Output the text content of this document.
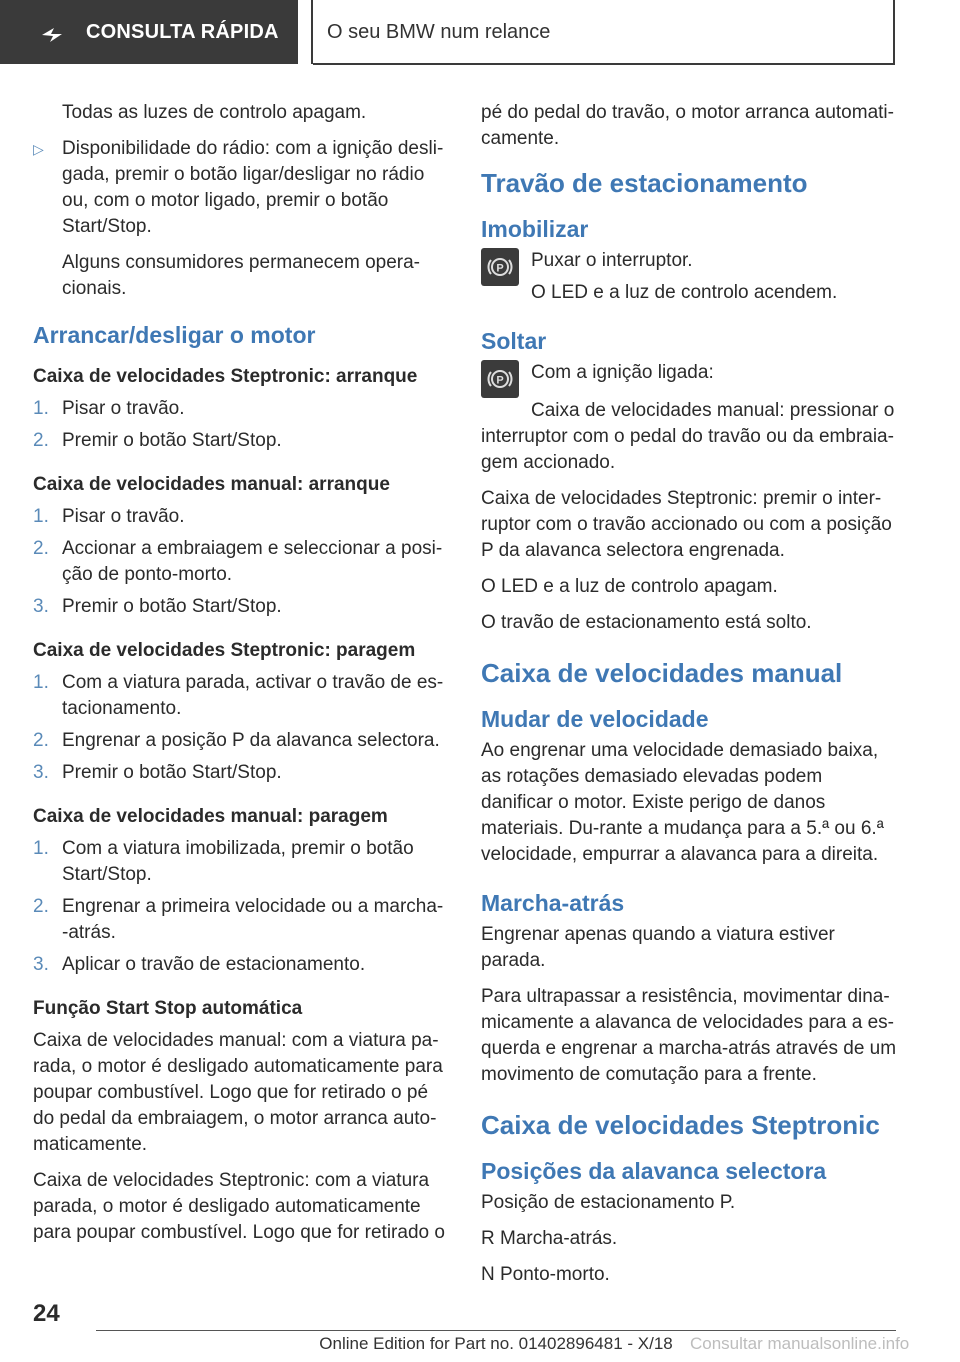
CONSULTA RÁPIDA	O seu BMW num relance

Todas as luzes de controlo apagam.

▷ Disponibilidade do rádio: com a ignição desli-gada, premir o botão ligar/desligar no rádio ou, com o motor ligado, premir o botão Start/Stop.

Alguns consumidores permanecem opera-cionais.

Arrancar/desligar o motor
Caixa de velocidades Steptronic: arranque
1. Pisar o travão.
2. Premir o botão Start/Stop.
Caixa de velocidades manual: arranque
1. Pisar o travão.
2. Accionar a embraiagem e seleccionar a posi-ção de ponto-morto.
3. Premir o botão Start/Stop.
Caixa de velocidades Steptronic: paragem
1. Com a viatura parada, activar o travão de es-tacionamento.
2. Engrenar a posição P da alavanca selectora.
3. Premir o botão Start/Stop.
Caixa de velocidades manual: paragem
1. Com a viatura imobilizada, premir o botão Start/Stop.
2. Engrenar a primeira velocidade ou a marcha--atrás.
3. Aplicar o travão de estacionamento.
Função Start Stop automática

Caixa de velocidades manual: com a viatura pa-rada, o motor é desligado automaticamente para poupar combustível. Logo que for retirado o pé do pedal da embraiagem, o motor arranca auto-maticamente.

Caixa de velocidades Steptronic: com a viatura parada, o motor é desligado automaticamente para poupar combustível. Logo que for retirado o

pé do pedal do travão, o motor arranca automati-camente.

Travão de estacionamento
Imobilizar
P Puxar o interruptor.

O LED e a luz de controlo acendem.

Soltar
P Com a ignição ligada:

Caixa de velocidades manual: pressionar o interruptor com o pedal do travão ou da embraia-gem accionado.

Caixa de velocidades Steptronic: premir o inter-ruptor com o travão accionado ou com a posição P da alavanca selectora engrenada.

O LED e a luz de controlo apagam.

O travão de estacionamento está solto.

Caixa de velocidades manual
Mudar de velocidade

Ao engrenar uma velocidade demasiado baixa, as rotações demasiado elevadas podem danificar o motor. Existe perigo de danos materiais. Du-rante a mudança para a 5.ª ou 6.ª velocidade, empurrar a alavanca para a direita.

Marcha-atrás

Engrenar apenas quando a viatura estiver parada.

Para ultrapassar a resistência, movimentar dina-micamente a alavanca de velocidades para a es-querda e engrenar a marcha-atrás através de um movimento de comutação para a frente.

Caixa de velocidades Steptronic
Posições da alavanca selectora

Posição de estacionamento P.

R Marcha-atrás.

N Ponto-morto.

24
Online Edition for Part no. 01402896481 - X/18	Consultar manualsonline.info
